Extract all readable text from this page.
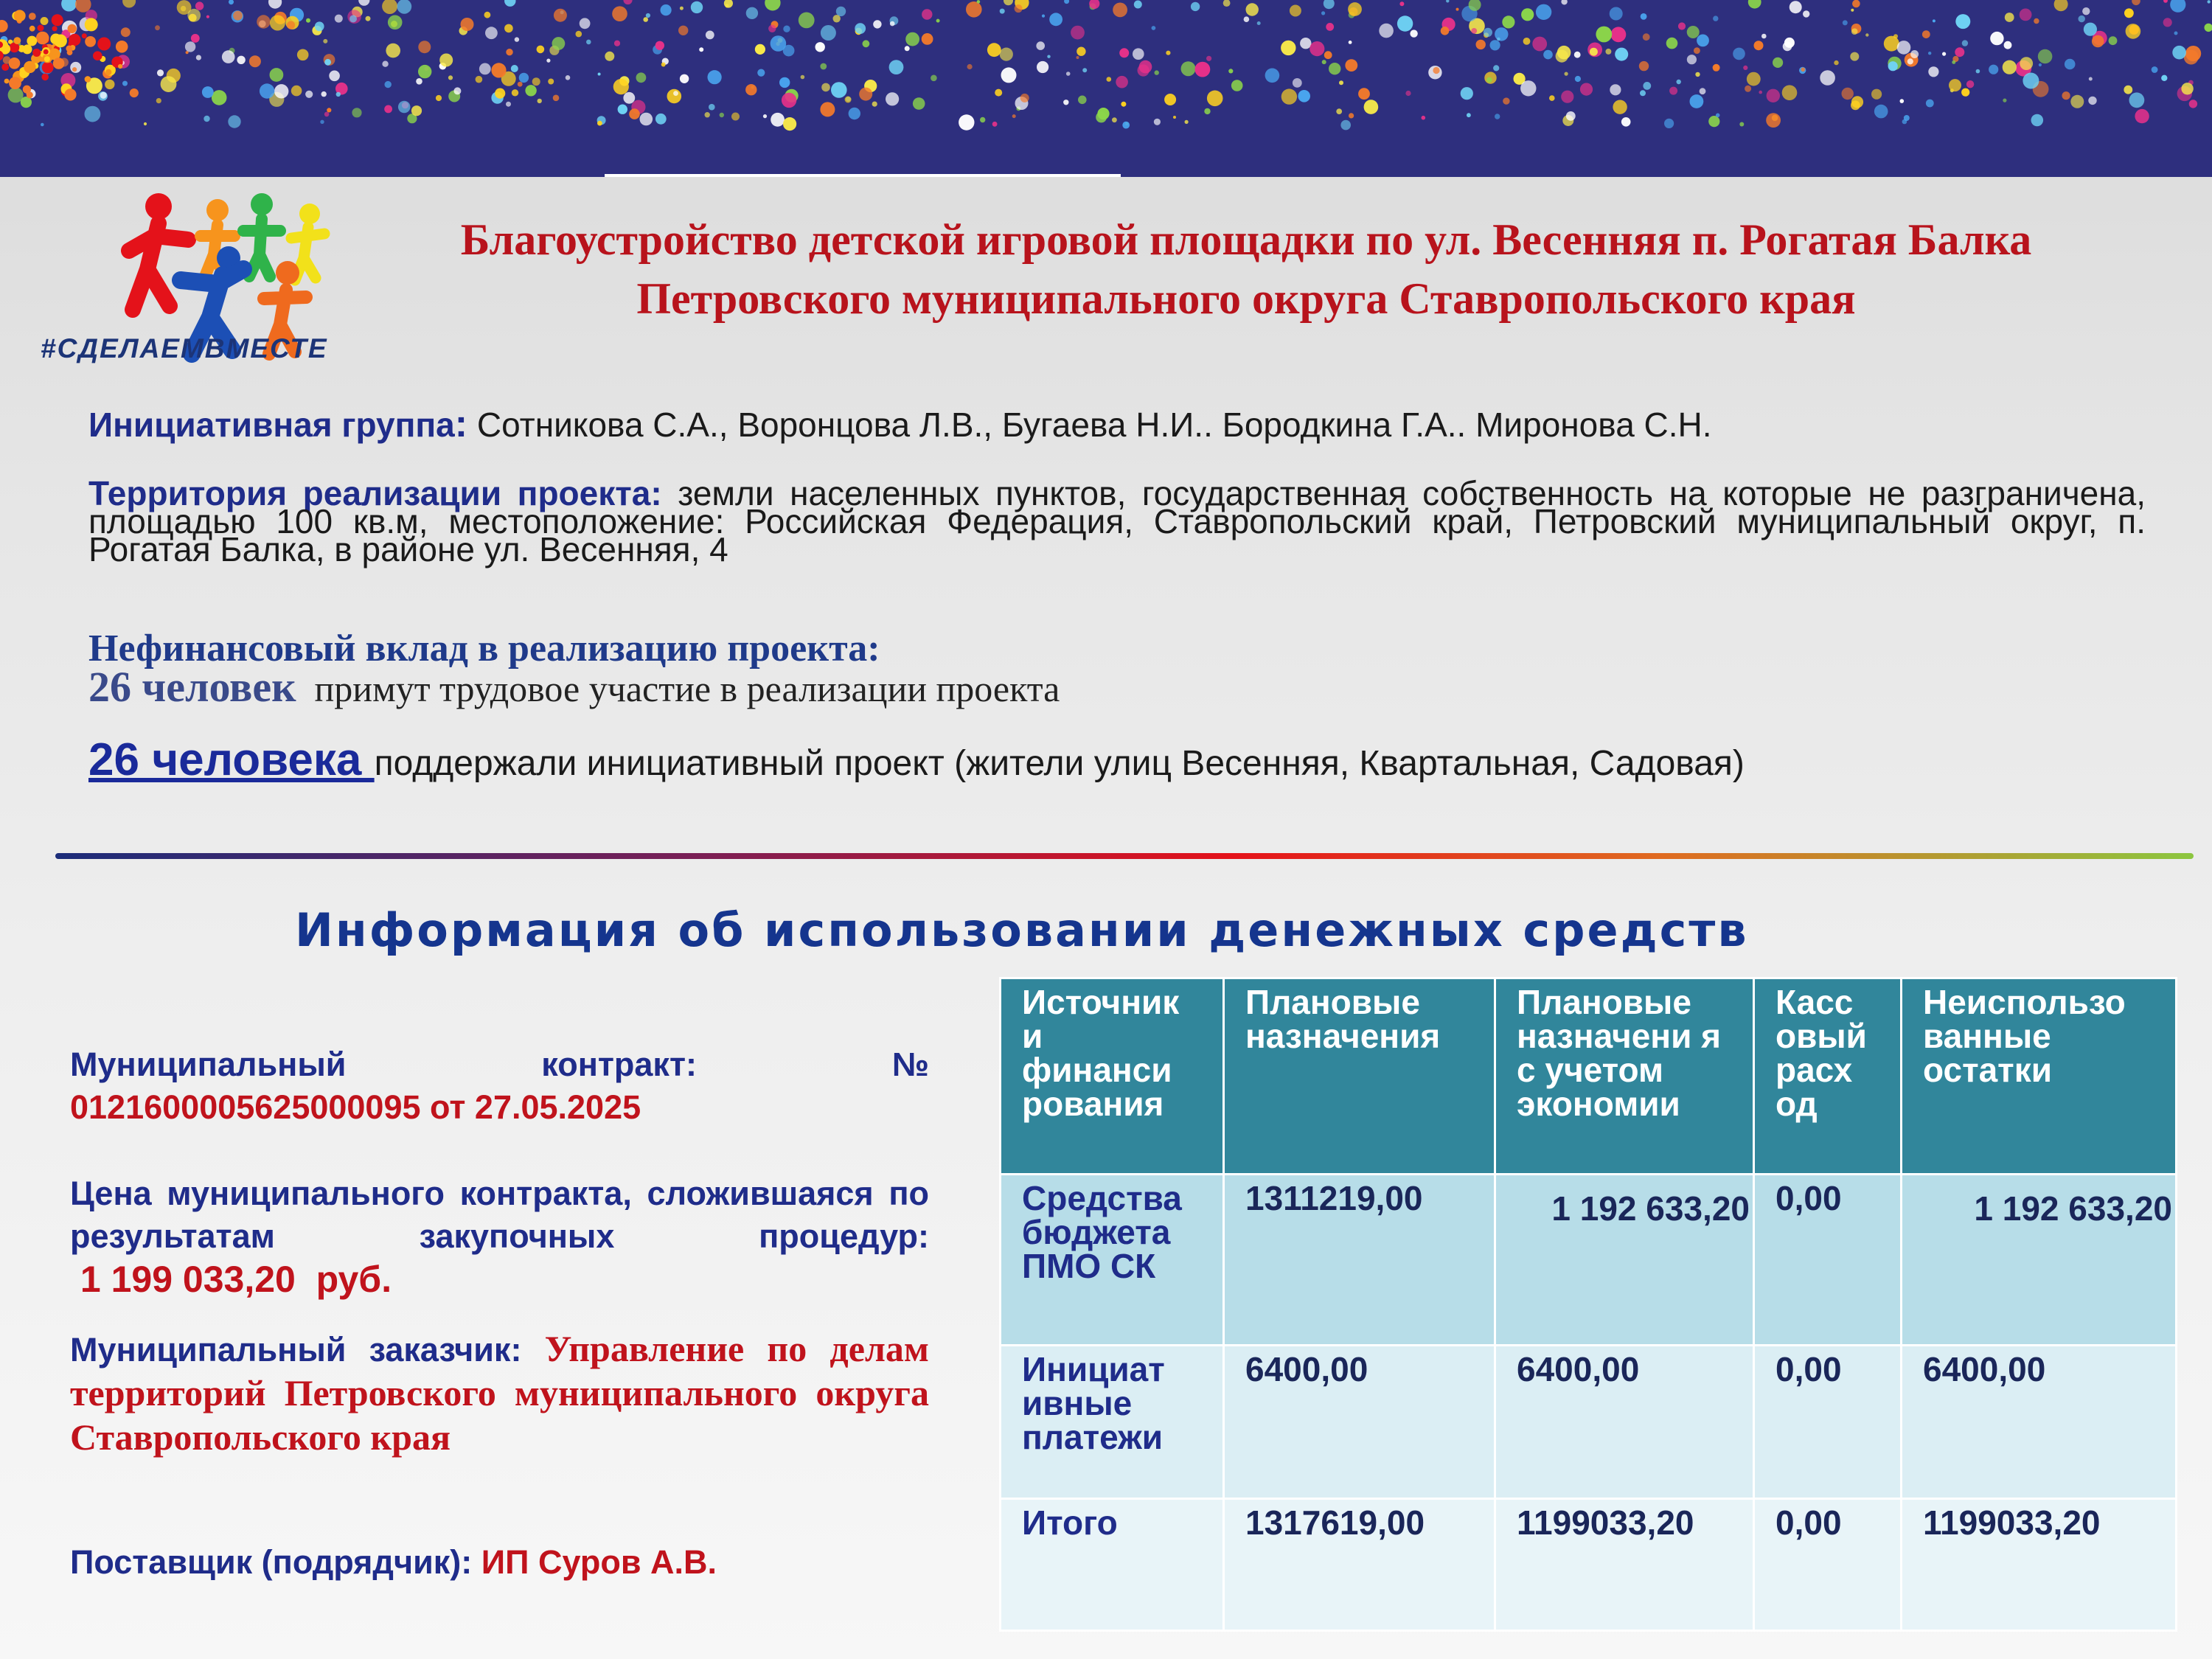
#СДЕЛАЕМВМЕСТЕ
Благоустройство детской игровой площадки по ул. Весенняя п. Рогатая Балка
Петровского муниципального округа Ставропольского края
Инициативная группа: Сотникова С.А., Воронцова Л.В., Бугаева Н.И.. Бородкина Г.А.. Миронова С.Н.
Территория реализации проекта: земли населенных пунктов, государственная собственность на которые не разграничена, площадью 100 кв.м, местоположение: Российская Федерация, Ставропольский край, Петровский муниципальный округ, п. Рогатая Балка, в районе ул. Весенняя, 4
Нефинансовый вклад в реализацию проекта:
26 человек  примут трудовое участие в реализации проекта
26 человека поддержали инициативный проект (жители улиц Весенняя, Квартальная, Садовая)
Информация об использовании денежных средств
Муниципальный контракт: №
0121600005625000095 от 27.05.2025
Цена муниципального контракта, сложившаяся по результатам закупочных процедур: 1 199 033,20  руб.
Муниципальный заказчик: Управление по делам территорий Петровского муниципального округа Ставропольского края
Поставщик (подрядчик): ИП Суров А.В.
Источник и финанси рования	Плановые назначения	Плановые назначени я с учетом экономии	Касс овый расх од	Неиспользо ванные остатки
Средства бюджета ПМО СК	1311219,00	1 192 633,20	0,00	1 192 633,20
Инициат ивные платежи	6400,00	6400,00	0,00	6400,00
Итого	1317619,00	1199033,20	0,00	1199033,20
